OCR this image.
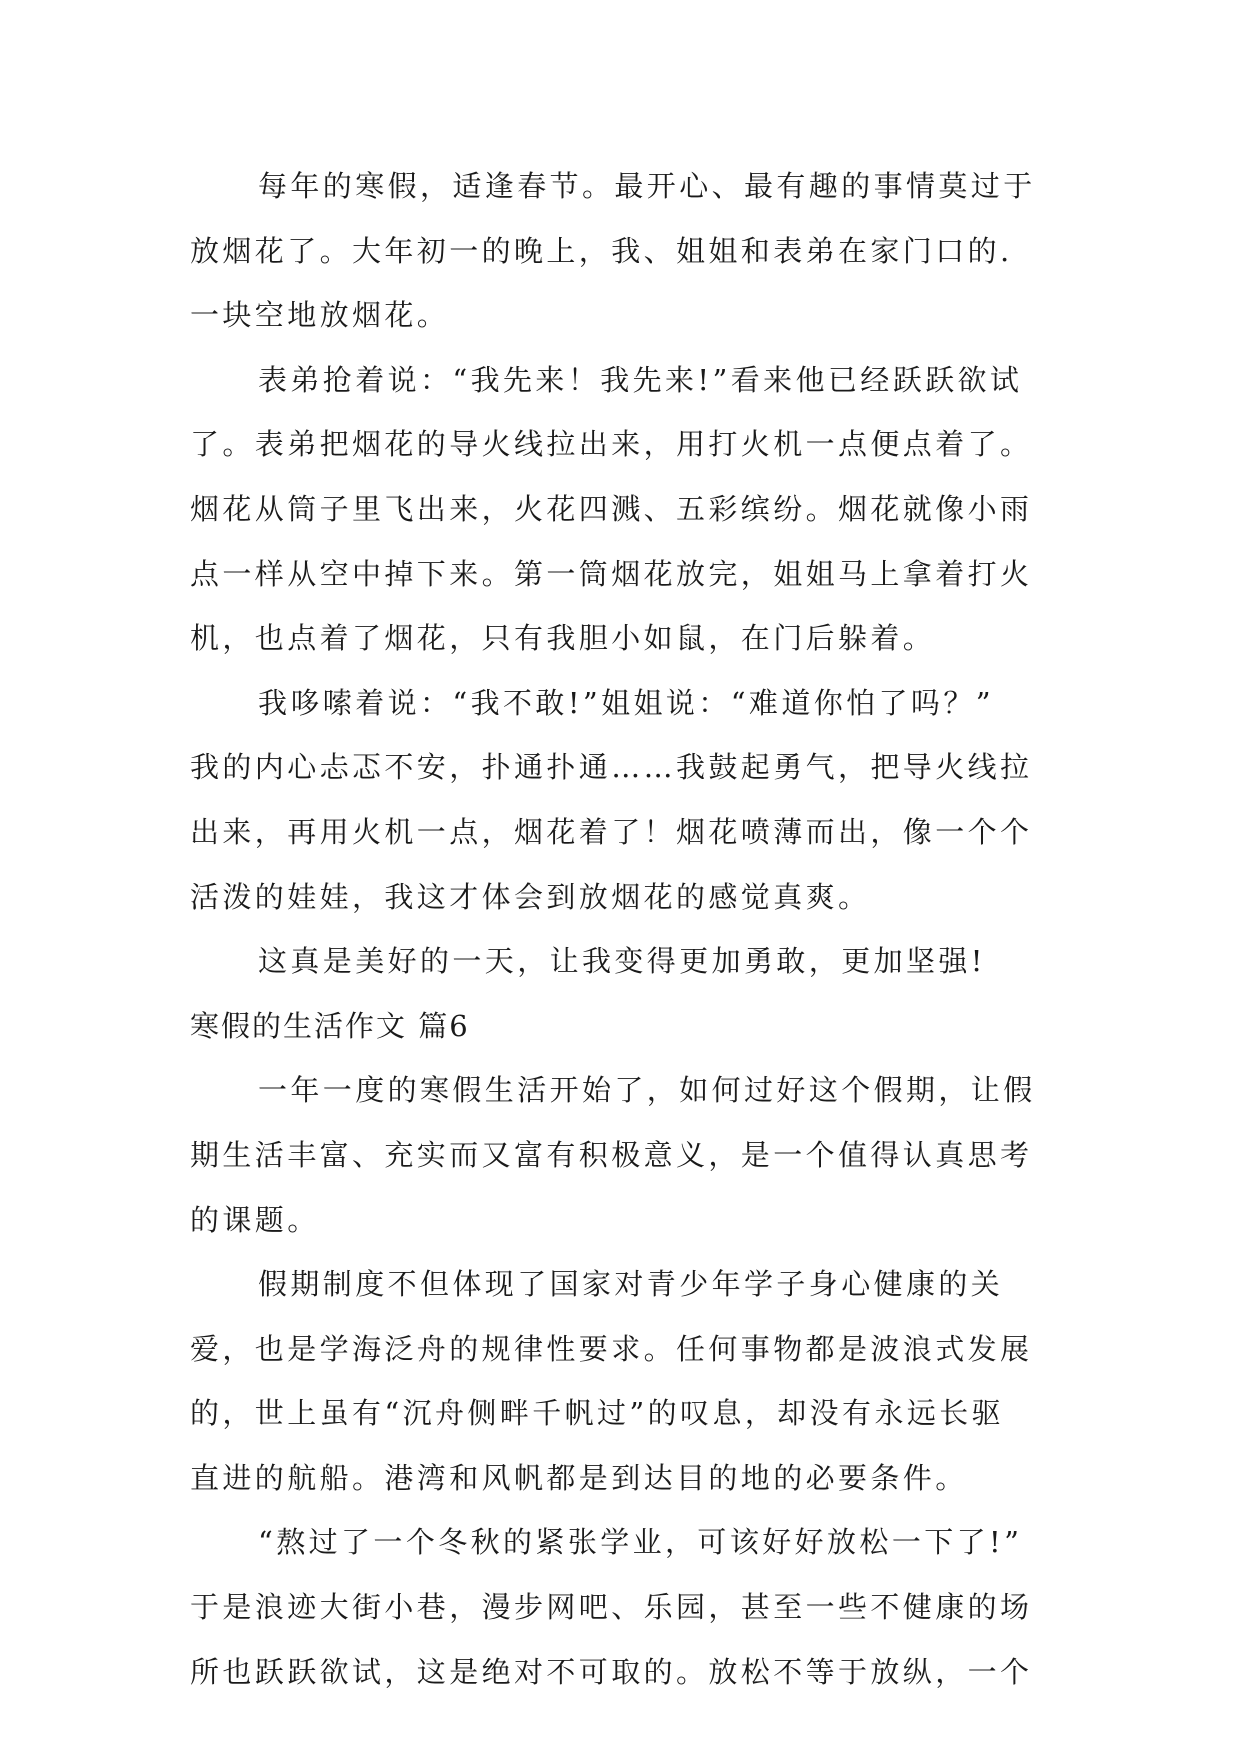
每年的寒假，适逢春节。最开心、最有趣的事情莫过于
放烟花了。大年初一的晚上，我、姐姐和表弟在家门口的.
一块空地放烟花。
表弟抢着说：“我先来！我先来!”看来他已经跃跃欲试
了。表弟把烟花的导火线拉出来，用打火机一点便点着了。
烟花从筒子里飞出来，火花四溅、五彩缤纷。烟花就像小雨
点一样从空中掉下来。第一筒烟花放完，姐姐马上拿着打火
机，也点着了烟花，只有我胆小如鼠，在门后躲着。
我哆嗦着说：“我不敢!”姐姐说：“难道你怕了吗？”
我的内心忐忑不安，扑通扑通……我鼓起勇气，把导火线拉
出来，再用火机一点，烟花着了！烟花喷薄而出，像一个个
活泼的娃娃，我这才体会到放烟花的感觉真爽。
这真是美好的一天，让我变得更加勇敢，更加坚强!
寒假的生活作文 篇6
一年一度的寒假生活开始了，如何过好这个假期，让假
期生活丰富、充实而又富有积极意义，是一个值得认真思考
的课题。
假期制度不但体现了国家对青少年学子身心健康的关
爱，也是学海泛舟的规律性要求。任何事物都是波浪式发展
的，世上虽有“沉舟侧畔千帆过”的叹息，却没有永远长驱
直进的航船。港湾和风帆都是到达目的地的必要条件。
“熬过了一个冬秋的紧张学业，可该好好放松一下了!”
于是浪迹大街小巷，漫步网吧、乐园，甚至一些不健康的场
所也跃跃欲试，这是绝对不可取的。放松不等于放纵，一个
